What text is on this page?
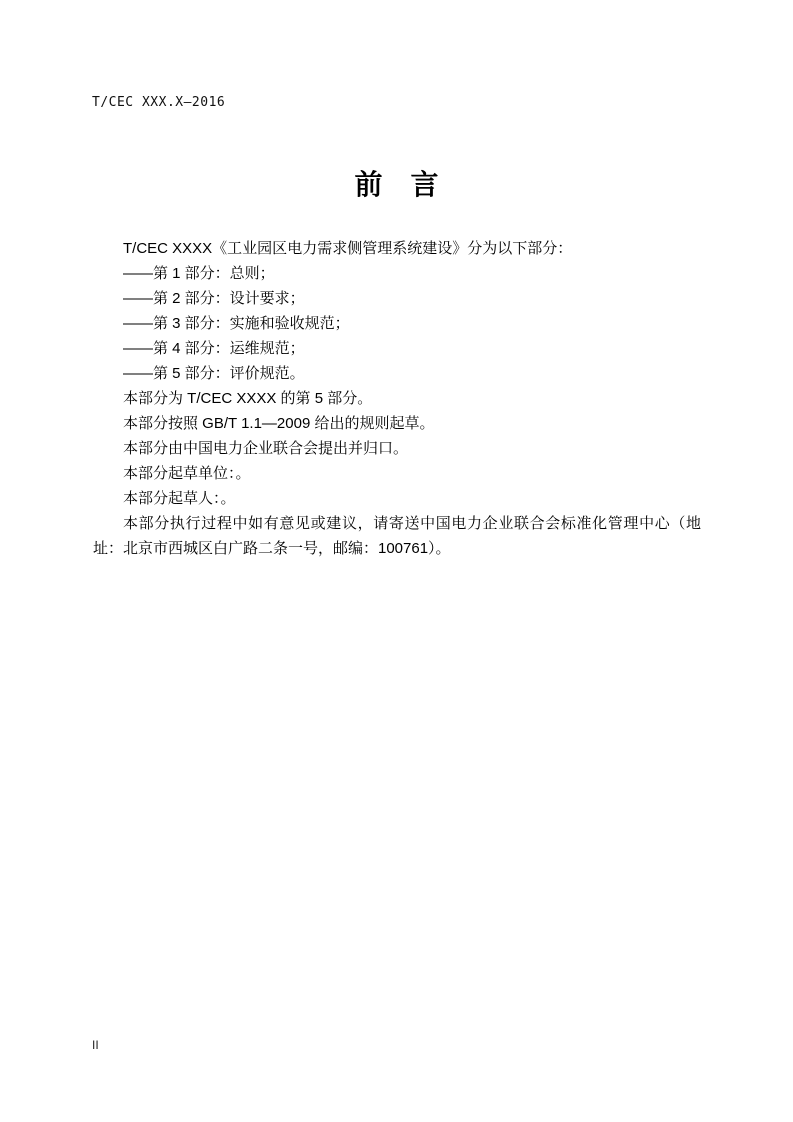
T/CEC XXX.X—2016
前　言

T/CEC XXXX《工业园区电力需求侧管理系统建设》分为以下部分：

——第 1 部分：总则；

——第 2 部分：设计要求；

——第 3 部分：实施和验收规范；

——第 4 部分：运维规范；

——第 5 部分：评价规范。

本部分为 T/CEC XXXX 的第 5 部分。

本部分按照 GB/T 1.1—2009 给出的规则起草。

本部分由中国电力企业联合会提出并归口。

本部分起草单位：。

本部分起草人：。

本部分执行过程中如有意见或建议，请寄送中国电力企业联合会标准化管理中心（地址：北京市西城区白广路二条一号，邮编：100761）。

II
